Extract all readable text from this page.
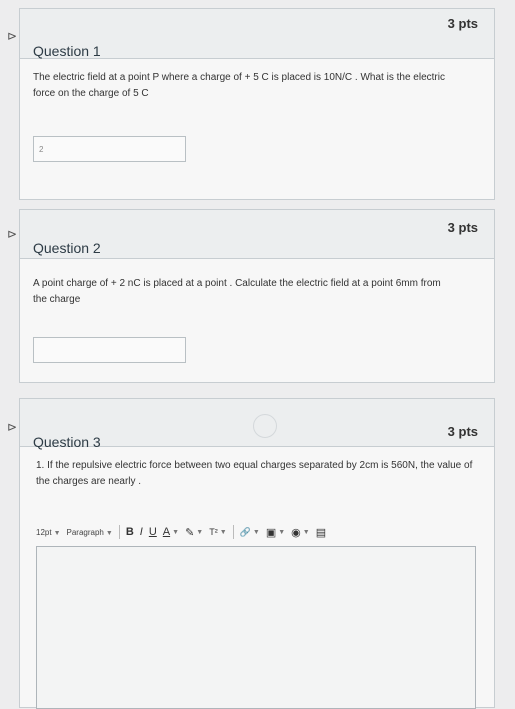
⊳
Question 1
3 pts
The electric field at a point P where a charge of + 5 C is placed is 10N/C . What is the electric force on the charge of 5 C
2
⊳
Question 2
3 pts
A point charge of + 2 nC is placed at a point . Calculate the electric field at a point 6mm from the charge
⊳
Question 3
3 pts
1. If the repulsive electric force between two equal charges separated by 2cm is 560N, the value of the charges are nearly .
12pt ▼ Paragraph ▼ B I U A ▼ ✎ ▼ T² ▼ 🔗 ▼ ▣ ▼ ◉ ▼ ▤
